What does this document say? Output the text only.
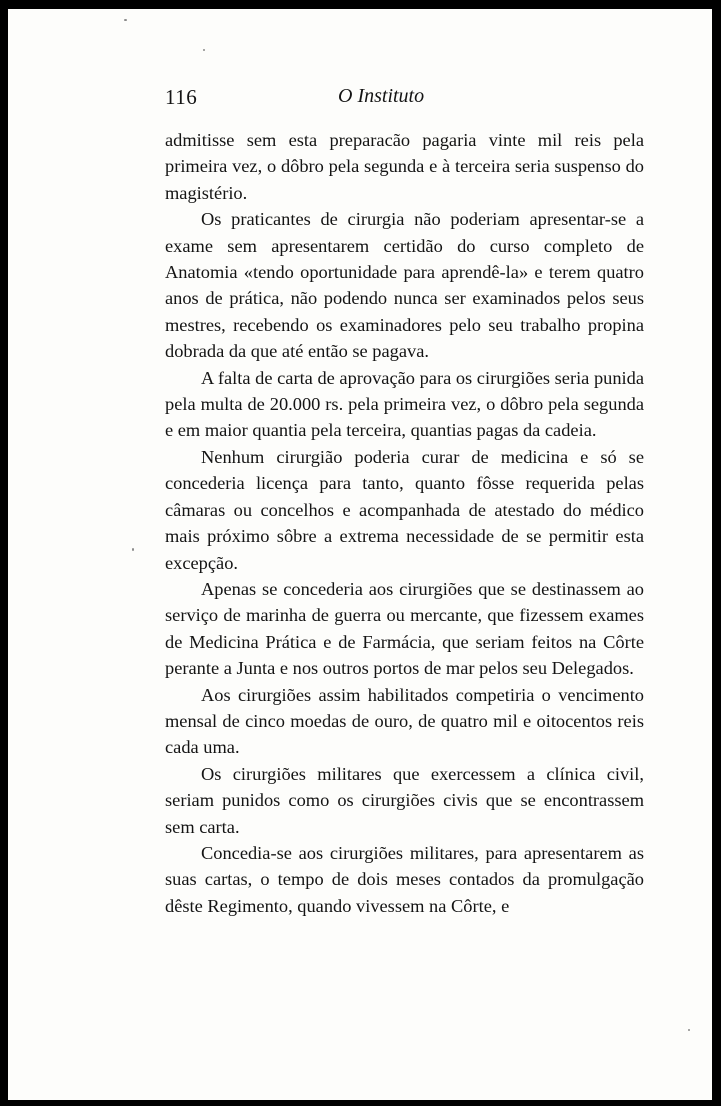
116	O Instituto

admitisse sem esta preparacão pagaria vinte mil reis pela primeira vez, o dôbro pela segunda e à terceira seria suspenso do magistério.

Os praticantes de cirurgia não poderiam apresentar-se a exame sem apresentarem certidão do curso completo de Anatomia «tendo oportunidade para aprendê-la» e terem quatro anos de prática, não podendo nunca ser examinados pelos seus mestres, recebendo os examinadores pelo seu trabalho propina dobrada da que até então se pagava.

A falta de carta de aprovação para os cirurgiões seria punida pela multa de 20.000 rs. pela primeira vez, o dôbro pela segunda e em maior quantia pela terceira, quantias pagas da cadeia.

Nenhum cirurgião poderia curar de medicina e só se concederia licença para tanto, quanto fôsse requerida pelas câmaras ou concelhos e acompanhada de atestado do médico mais próximo sôbre a extrema necessidade de se permitir esta excepção.

Apenas se concederia aos cirurgiões que se destinassem ao serviço de marinha de guerra ou mercante, que fizessem exames de Medicina Prática e de Farmácia, que seriam feitos na Côrte perante a Junta e nos outros portos de mar pelos seu Delegados.

Aos cirurgiões assim habilitados competiria o vencimento mensal de cinco moedas de ouro, de quatro mil e oitocentos reis cada uma.

Os cirurgiões militares que exercessem a clínica civil, seriam punidos como os cirurgiões civis que se encontrassem sem carta.

Concedia-se aos cirurgiões militares, para apresentarem as suas cartas, o tempo de dois meses contados da promulgação dêste Regimento, quando vivessem na Côrte, e
